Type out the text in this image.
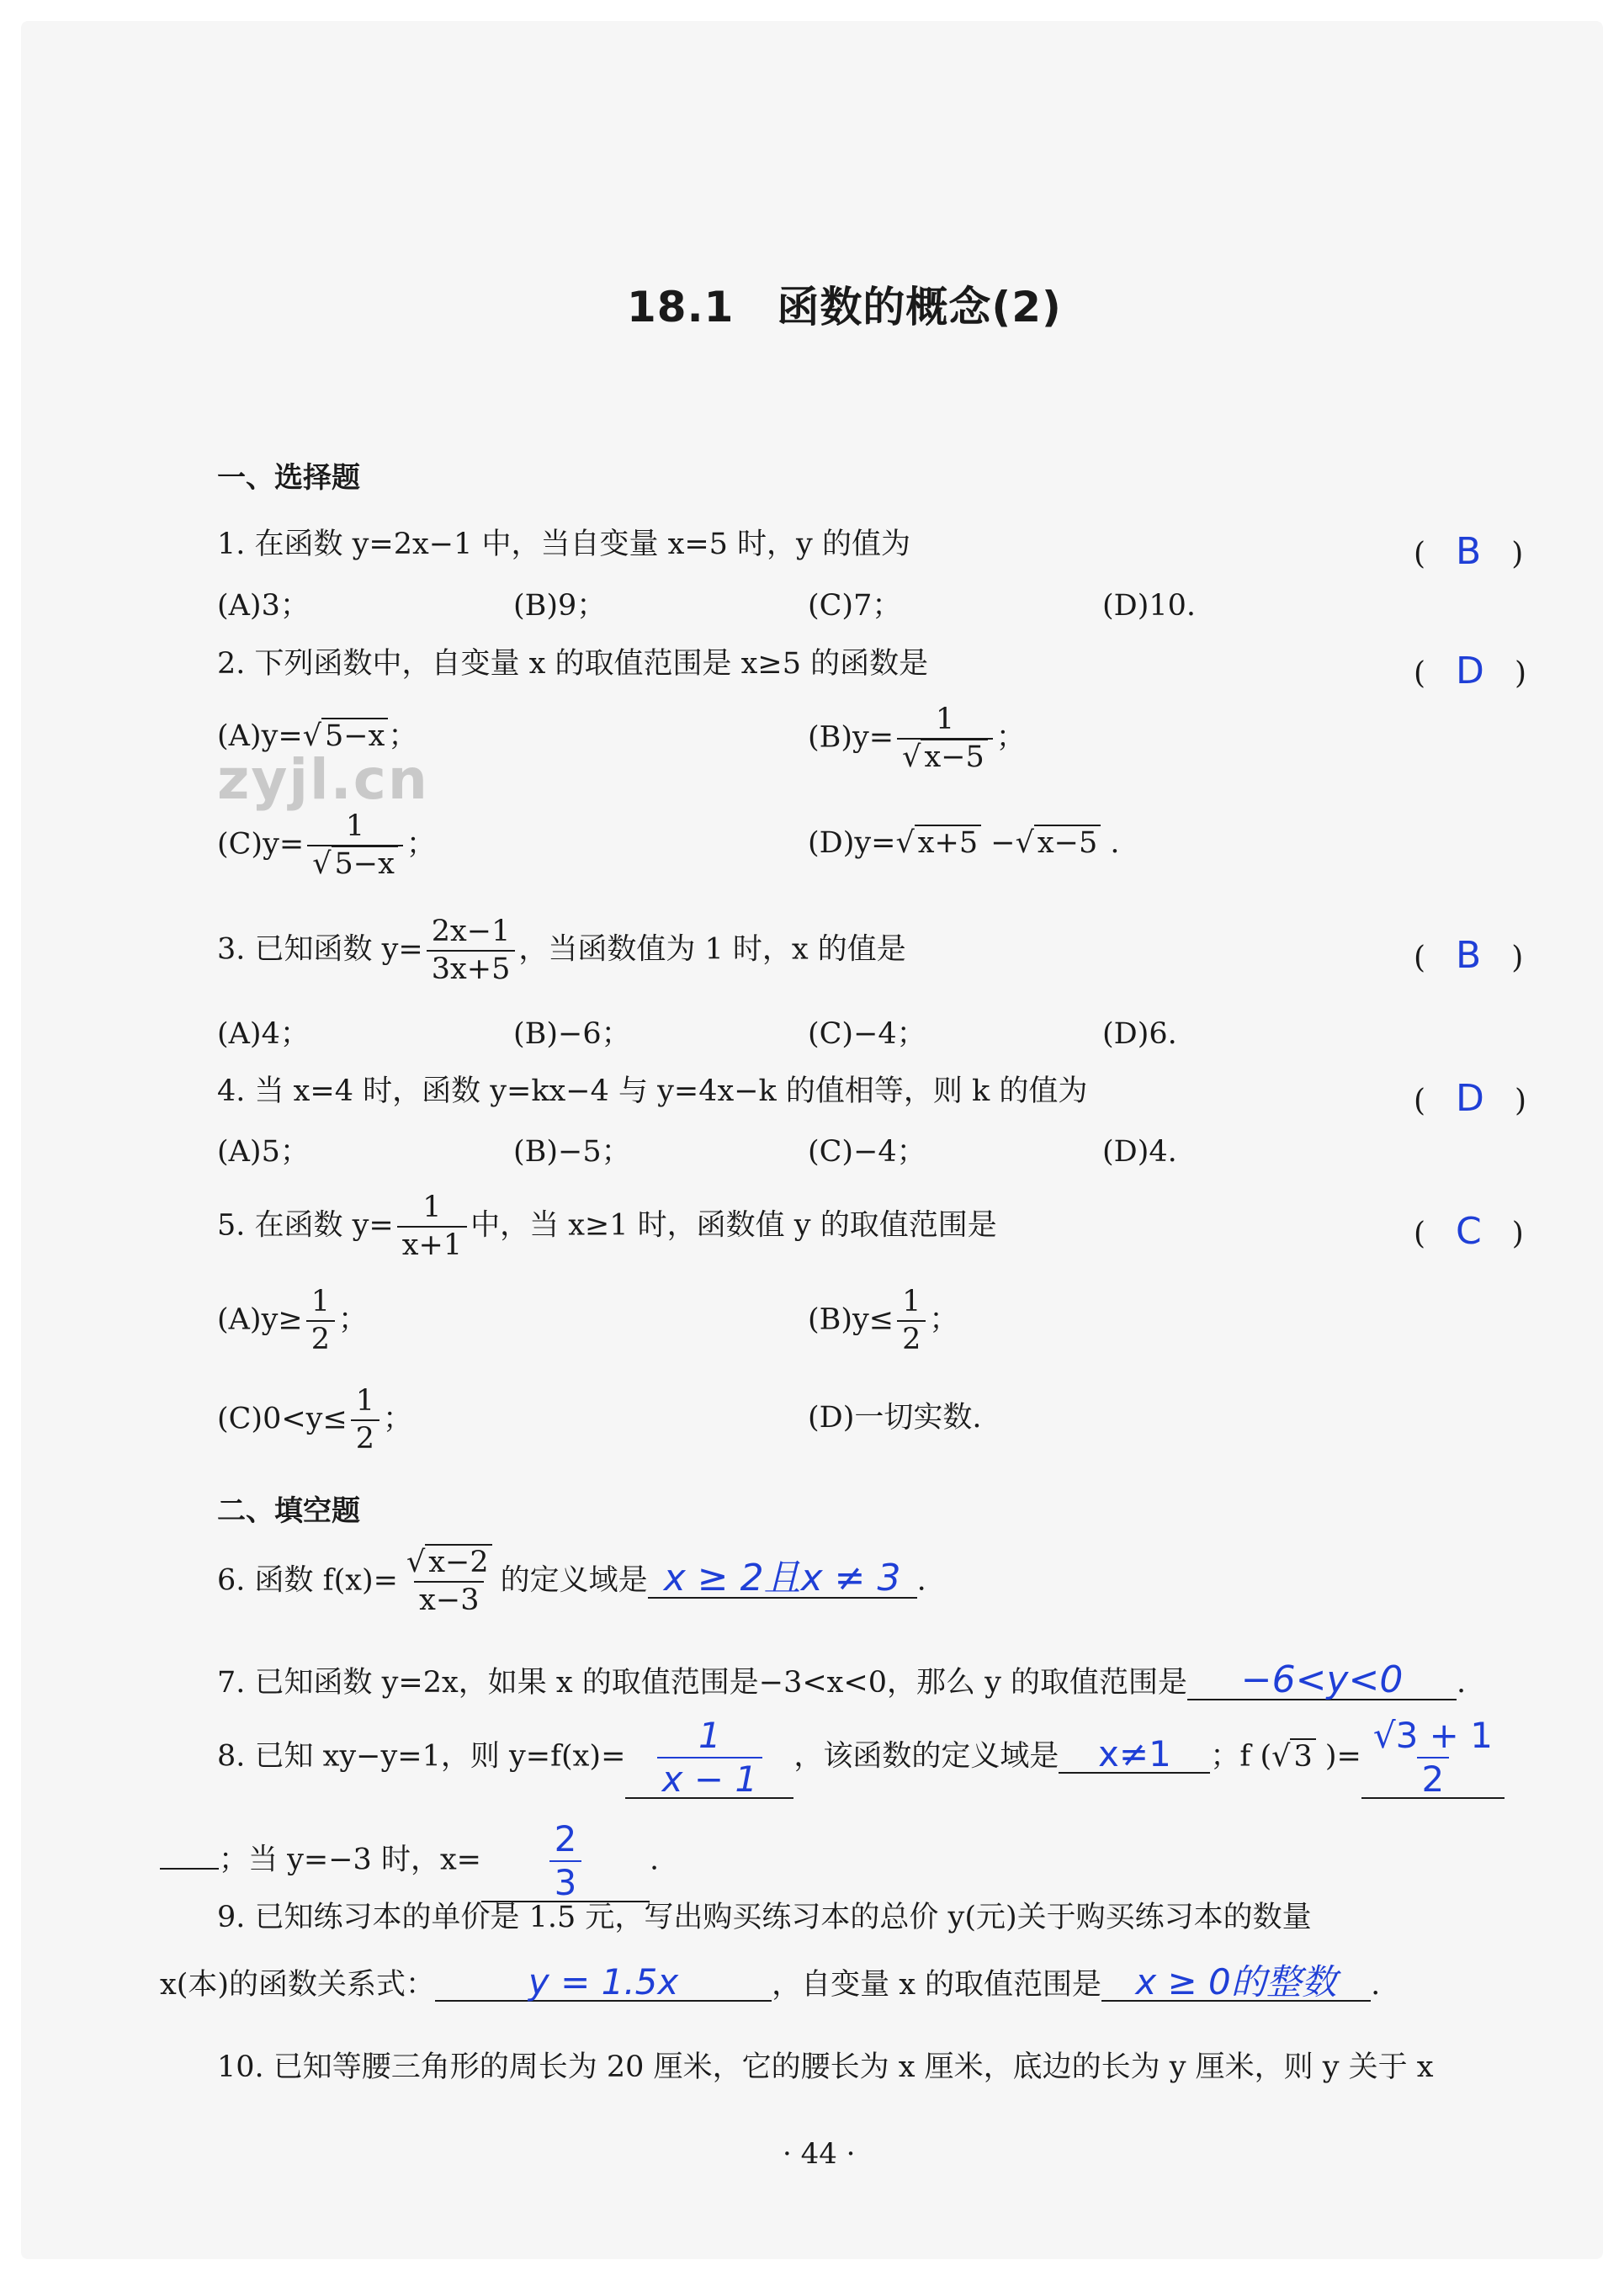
18.1　函数的概念(2)
zyjl.cn
一、选择题
1. 在函数 y=2x−1 中，当自变量 x=5 时，y 的值为	(　B　)
(A)3；	(B)9；	(C)7；	(D)10.
2. 下列函数中，自变量 x 的取值范围是 x≥5 的函数是	(　D　)
(A)y=√ 5−x ；	$(B)y= \frac{1}{√ x-5}$ ；
$(C)y= \frac{1}{√ 5-x}$ ；	(D)y=√ x+5 −√ x−5 .
3. 已知函数 $y= \frac{2x-1}{3x+5}$ ，当函数值为 1 时，x 的值是	(　B　)
(A)4；	(B)−6；	(C)−4；	(D)6.
4. 当 x=4 时，函数 y=kx−4 与 y=4x−k 的值相等，则 k 的值为	(　D　)
(A)5；	(B)−5；	(C)−4；	(D)4.
5. 在函数 $y= \frac{1}{x+1}$ 中，当 x≥1 时，函数值 y 的取值范围是	(　C　)
$(A)y\ge \frac{1}{2}$ ；	$(B)y\le \frac{1}{2}$ ；
$(C)0<y\le \frac{1}{2}$ ；	(D)一切实数.
二、填空题
6. 函数 $f(x)= \frac{√ x-2}{x-3}$ 的定义域是 x ≥ 2且x ≠ 3 .
7. 已知函数 y=2x，如果 x 的取值范围是−3<x<0，那么 y 的取值范围是 −6<y<0 .
8. 已知 xy−y=1，则 $y=f(x)= \frac{1}{x - 1}$ ，该函数的定义域是 x≠1 ；f (√ 3 )= $\frac{√3 + 1}{2}$
；当 y=−3 时，$x= \frac{2}{3}$ .
9. 已知练习本的单价是 1.5 元，写出购买练习本的总价 y(元)关于购买练习本的数量
x(本)的函数关系式：	y = 1.5x	，自变量 x 的取值范围是 x ≥ 0的整数 .
10. 已知等腰三角形的周长为 20 厘米，它的腰长为 x 厘米，底边的长为 y 厘米，则 y 关于 x
· 44 ·
